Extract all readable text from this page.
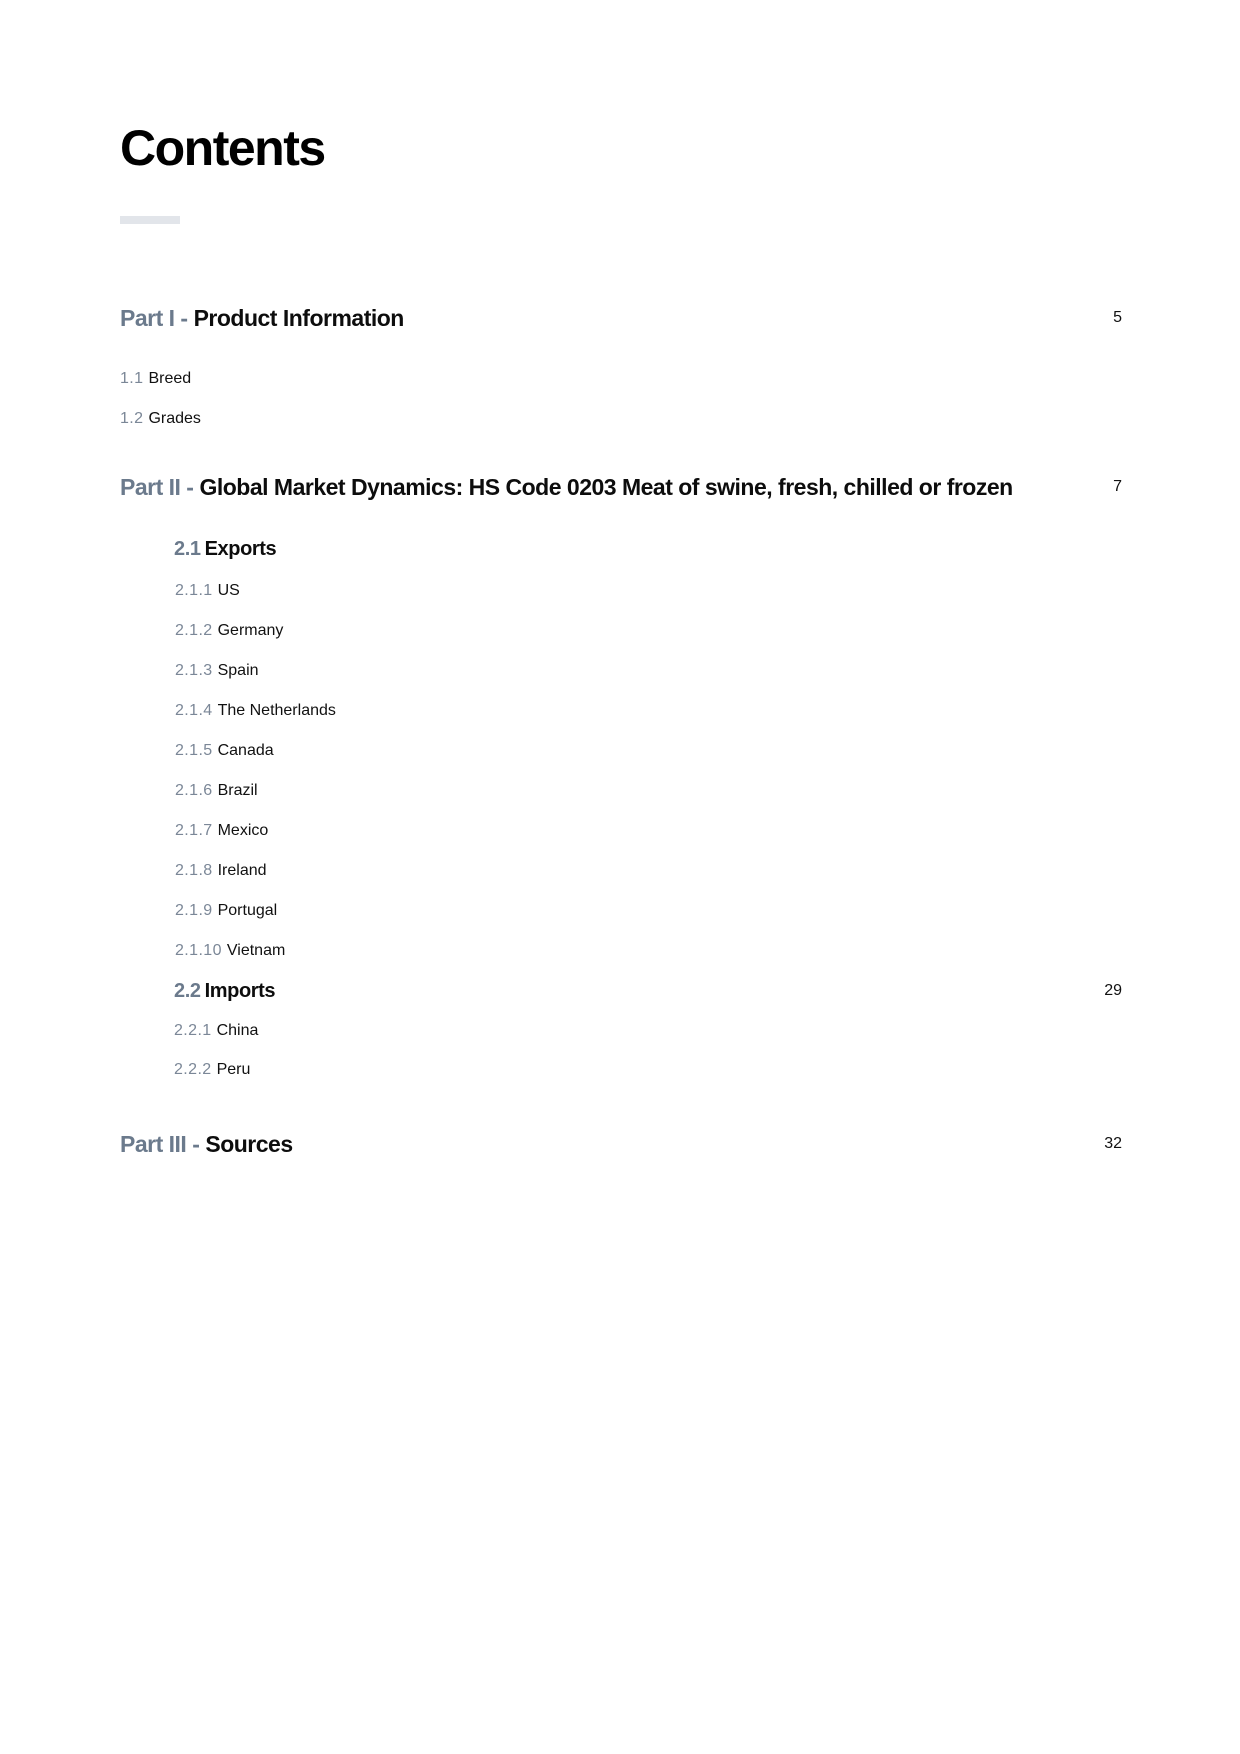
Contents
Part I - Product Information	5
1.1 Breed
1.2 Grades
Part II - Global Market Dynamics: HS Code 0203 Meat of swine, fresh, chilled or frozen	7
2.1 Exports
2.1.1 US
2.1.2 Germany
2.1.3 Spain
2.1.4 The Netherlands
2.1.5 Canada
2.1.6 Brazil
2.1.7 Mexico
2.1.8 Ireland
2.1.9 Portugal
2.1.10 Vietnam
2.2 Imports	29
2.2.1 China
2.2.2 Peru
Part III - Sources	32
